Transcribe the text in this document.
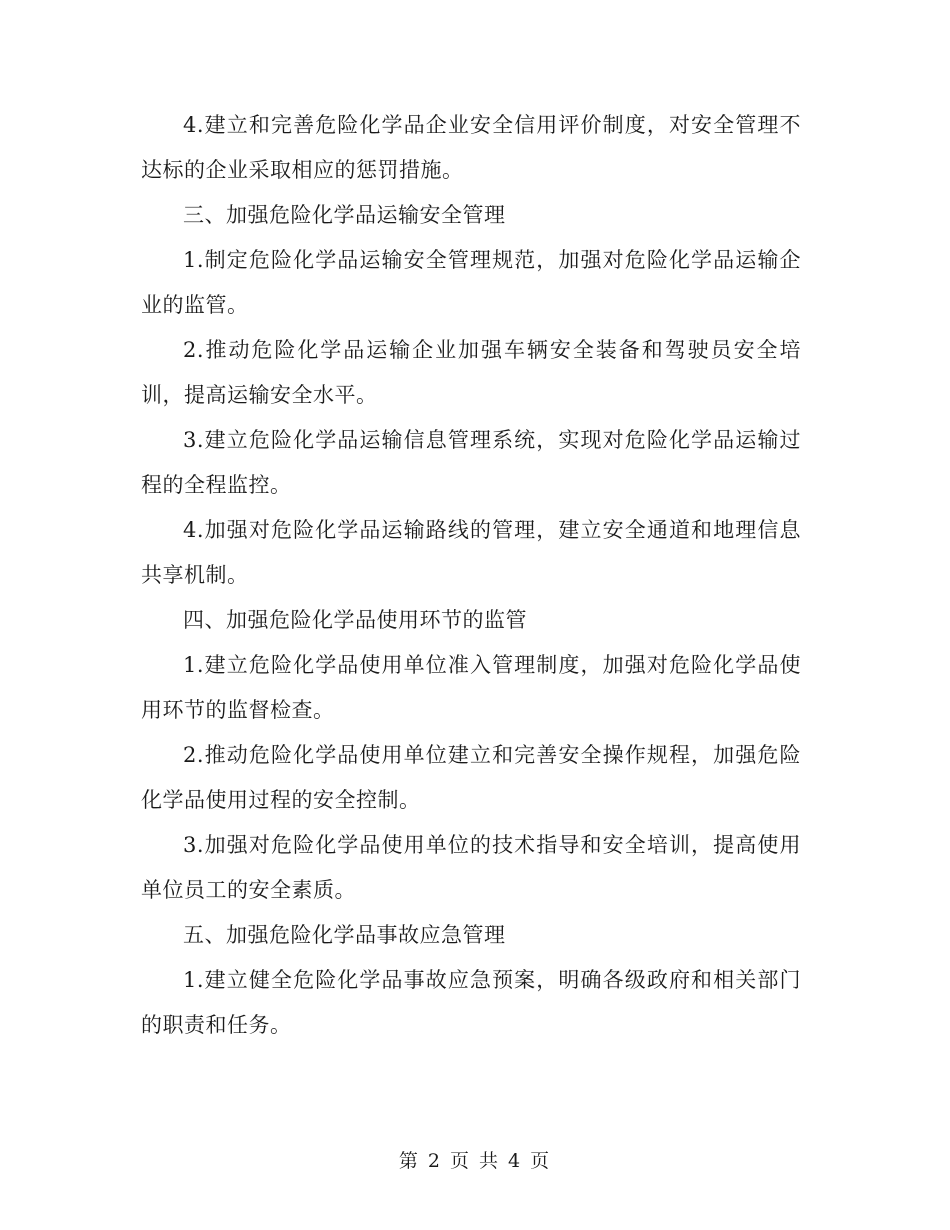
4.建立和完善危险化学品企业安全信用评价制度，对安全管理不达标的企业采取相应的惩罚措施。

三、加强危险化学品运输安全管理

1.制定危险化学品运输安全管理规范，加强对危险化学品运输企业的监管。

2.推动危险化学品运输企业加强车辆安全装备和驾驶员安全培训，提高运输安全水平。

3.建立危险化学品运输信息管理系统，实现对危险化学品运输过程的全程监控。

4.加强对危险化学品运输路线的管理，建立安全通道和地理信息共享机制。

四、加强危险化学品使用环节的监管

1.建立危险化学品使用单位准入管理制度，加强对危险化学品使用环节的监督检查。

2.推动危险化学品使用单位建立和完善安全操作规程，加强危险化学品使用过程的安全控制。

3.加强对危险化学品使用单位的技术指导和安全培训，提高使用单位员工的安全素质。

五、加强危险化学品事故应急管理

1.建立健全危险化学品事故应急预案，明确各级政府和相关部门的职责和任务。

第 2 页 共 4 页
